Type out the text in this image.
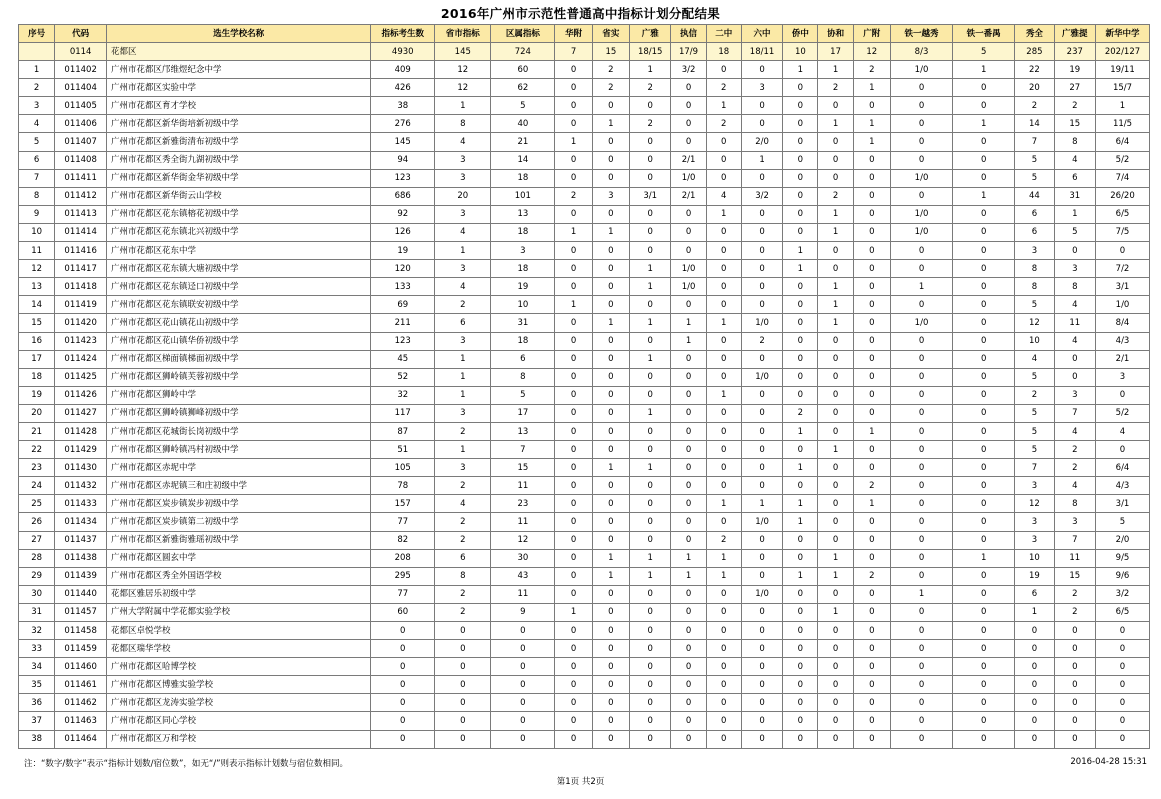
2016年广州市示范性普通高中指标计划分配结果
序号	代码	选生学校名称	指标考生数	省市指标	区属指标	华附	省实	广雅	执信	二中	六中	侨中	协和	广附	铁一越秀	铁一番禺	秀全	广雅提	新华中学
	0114	花都区	4930	145	724	7	15	18/15	17/9	18	18/11	10	17	12	8/3	5	285	237	202/127
1	011402	广州市花都区邝维煜纪念中学	409	12	60	0	2	1	3/2	0	0	1	1	2	1/0	1	22	19	19/11
2	011404	广州市花都区实验中学	426	12	62	0	2	2	0	2	3	0	2	1	0	0	20	27	15/7
3	011405	广州市花都区育才学校	38	1	5	0	0	0	0	1	0	0	0	0	0	0	2	2	1
4	011406	广州市花都区新华街培新初级中学	276	8	40	0	1	2	0	2	0	0	1	1	0	1	14	15	11/5
5	011407	广州市花都区新雅街清布初级中学	145	4	21	1	0	0	0	0	2/0	0	0	1	0	0	7	8	6/4
6	011408	广州市花都区秀全街九湖初级中学	94	3	14	0	0	0	2/1	0	1	0	0	0	0	0	5	4	5/2
7	011411	广州市花都区新华街金华初级中学	123	3	18	0	0	0	1/0	0	0	0	0	0	1/0	0	5	6	7/4
8	011412	广州市花都区新华街云山学校	686	20	101	2	3	3/1	2/1	4	3/2	0	2	0	0	1	44	31	26/20
9	011413	广州市花都区花东镇榕花初级中学	92	3	13	0	0	0	0	1	0	0	1	0	1/0	0	6	1	6/5
10	011414	广州市花都区花东镇北兴初级中学	126	4	18	1	1	0	0	0	0	0	1	0	1/0	0	6	5	7/5
11	011416	广州市花都区花东中学	19	1	3	0	0	0	0	0	0	1	0	0	0	0	3	0	0
12	011417	广州市花都区花东镇大塘初级中学	120	3	18	0	0	1	1/0	0	0	1	0	0	0	0	8	3	7/2
13	011418	广州市花都区花东镇迳口初级中学	133	4	19	0	0	1	1/0	0	0	0	1	0	1	0	8	8	3/1
14	011419	广州市花都区花东镇联安初级中学	69	2	10	1	0	0	0	0	0	0	1	0	0	0	5	4	1/0
15	011420	广州市花都区花山镇花山初级中学	211	6	31	0	1	1	1	1	1/0	0	1	0	1/0	0	12	11	8/4
16	011423	广州市花都区花山镇华侨初级中学	123	3	18	0	0	0	1	0	2	0	0	0	0	0	10	4	4/3
17	011424	广州市花都区梯面镇梯面初级中学	45	1	6	0	0	1	0	0	0	0	0	0	0	0	4	0	2/1
18	011425	广州市花都区狮岭镇芙蓉初级中学	52	1	8	0	0	0	0	0	1/0	0	0	0	0	0	5	0	3
19	011426	广州市花都区狮岭中学	32	1	5	0	0	0	0	1	0	0	0	0	0	0	2	3	0
20	011427	广州市花都区狮岭镇狮峰初级中学	117	3	17	0	0	1	0	0	0	2	0	0	0	0	5	7	5/2
21	011428	广州市花都区花城街长岗初级中学	87	2	13	0	0	0	0	0	0	1	0	1	0	0	5	4	4
22	011429	广州市花都区狮岭镇冯村初级中学	51	1	7	0	0	0	0	0	0	0	1	0	0	0	5	2	0
23	011430	广州市花都区赤坭中学	105	3	15	0	1	1	0	0	0	1	0	0	0	0	7	2	6/4
24	011432	广州市花都区赤坭镇三和庄初级中学	78	2	11	0	0	0	0	0	0	0	0	2	0	0	3	4	4/3
25	011433	广州市花都区炭步镇炭步初级中学	157	4	23	0	0	0	0	1	1	1	0	1	0	0	12	8	3/1
26	011434	广州市花都区炭步镇第二初级中学	77	2	11	0	0	0	0	0	1/0	1	0	0	0	0	3	3	5
27	011437	广州市花都区新雅街雅瑶初级中学	82	2	12	0	0	0	0	2	0	0	0	0	0	0	3	7	2/0
28	011438	广州市花都区圆玄中学	208	6	30	0	1	1	1	1	0	0	1	0	0	1	10	11	9/5
29	011439	广州市花都区秀全外国语学校	295	8	43	0	1	1	1	1	0	1	1	2	0	0	19	15	9/6
30	011440	花都区雅居乐初级中学	77	2	11	0	0	0	0	0	1/0	0	0	0	1	0	6	2	3/2
31	011457	广州大学附属中学花都实验学校	60	2	9	1	0	0	0	0	0	0	1	0	0	0	1	2	6/5
32	011458	花都区卓悦学校	0	0	0	0	0	0	0	0	0	0	0	0	0	0	0	0	0
33	011459	花都区瑞华学校	0	0	0	0	0	0	0	0	0	0	0	0	0	0	0	0	0
34	011460	广州市花都区哈博学校	0	0	0	0	0	0	0	0	0	0	0	0	0	0	0	0	0
35	011461	广州市花都区博雅实验学校	0	0	0	0	0	0	0	0	0	0	0	0	0	0	0	0	0
36	011462	广州市花都区龙涛实验学校	0	0	0	0	0	0	0	0	0	0	0	0	0	0	0	0	0
37	011463	广州市花都区同心学校	0	0	0	0	0	0	0	0	0	0	0	0	0	0	0	0	0
38	011464	广州市花都区万和学校	0	0	0	0	0	0	0	0	0	0	0	0	0	0	0	0	0
注：“数字/数字”表示“指标计划数/宿位数”，如无“/”则表示指标计划数与宿位数相同。	2016-04-28 15:31
第1页 共2页
